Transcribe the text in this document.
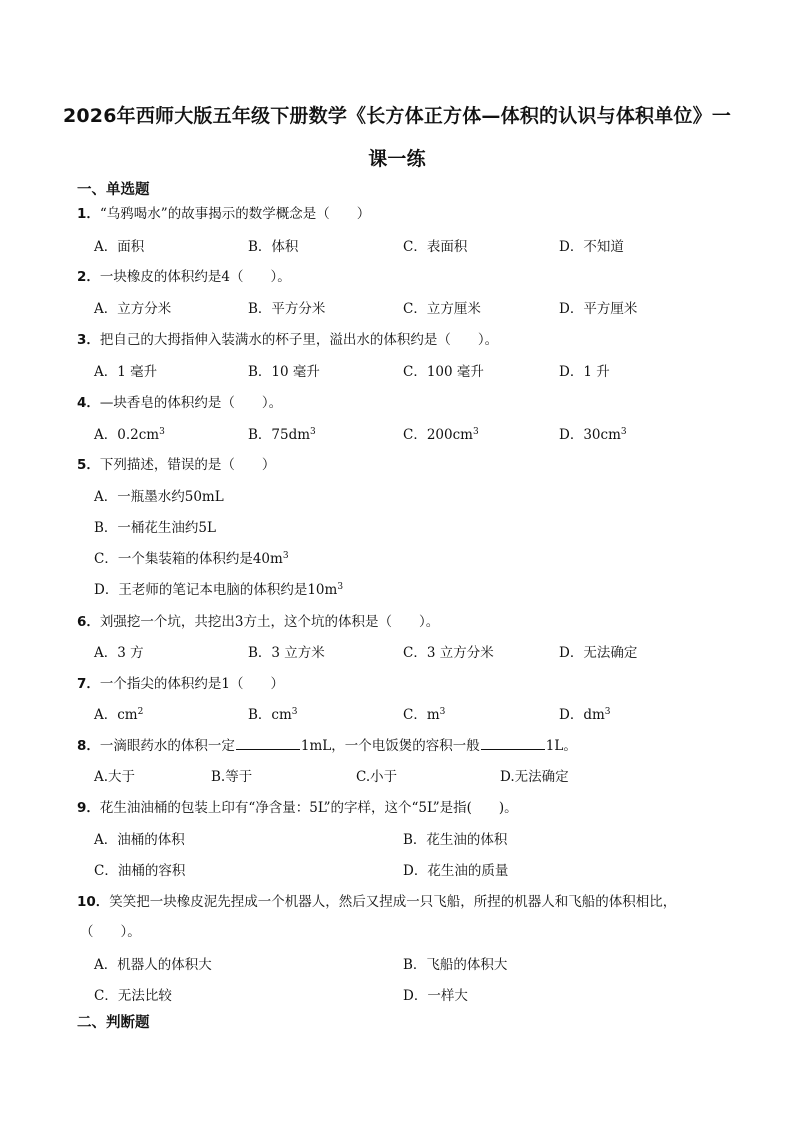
2026年西师大版五年级下册数学《长方体正方体—体积的认识与体积单位》一
课一练
一、单选题
1．“乌鸦喝水”的故事揭示的数学概念是（　　）
A．面积	B．体积	C．表面积	D．不知道
2．一块橡皮的体积约是4（　　）。
A．立方分米	B．平方分米	C．立方厘米	D．平方厘米
3．把自己的大拇指伸入装满水的杯子里，溢出水的体积约是（　　）。
A．1 毫升	B．10 毫升	C．100 毫升	D．1 升
4．—块香皂的体积约是（　　）。
A．$0.2cm^3$	B．$75dm^3$	C．$200cm^3$	D．$30cm^3$
5．下列描述，错误的是（　　）
A．一瓶墨水约50mL
B．一桶花生油约5L
C．一个集装箱的体积约是$40m^3$
D．王老师的笔记本电脑的体积约是$10m^3$
6．刘强挖一个坑，共挖出3方土，这个坑的体积是（　　）。
A．3 方	B．3 立方米	C．3 立方分米	D．无法确定
7．一个指尖的体积约是1（　　）
A．$cm^2$	B．$cm^3$	C．$m^3$	D．$dm^3$
8．一滴眼药水的体积一定	1mL，一个电饭煲的容积一般	1L。
A.大于	B.等于	C.小于	D.无法确定
9．花生油油桶的包装上印有“净含量：5L”的字样，这个“5L”是指(　　)。
A．油桶的体积	B．花生油的体积
C．油桶的容积	D．花生油的质量
10．笑笑把一块橡皮泥先捏成一个机器人，然后又捏成一只飞船，所捏的机器人和飞船的体积相比，
（　　）。
A．机器人的体积大	B．飞船的体积大
C．无法比较	D．一样大
二、判断题
